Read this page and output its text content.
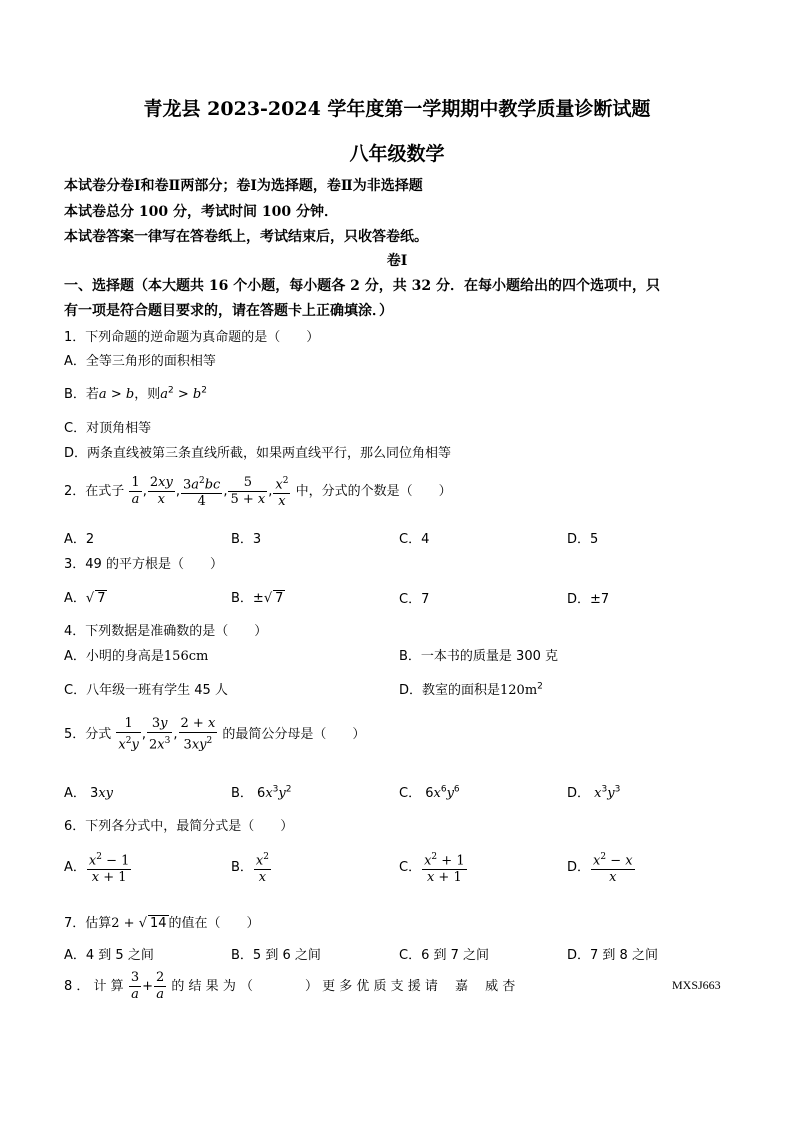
青龙县 2023-2024 学年度第一学期期中教学质量诊断试题
八年级数学
本试卷分卷Ⅰ和卷Ⅱ两部分；卷Ⅰ为选择题，卷Ⅱ为非选择题
本试卷总分 100 分，考试时间 100 分钟．
本试卷答案一律写在答卷纸上，考试结束后，只收答卷纸。
卷Ⅰ
一、选择题（本大题共 16 个小题，每小题各 2 分，共 32 分．在每小题给出的四个选项中，只
有一项是符合题目要求的，请在答题卡上正确填涂．）
1．下列命题的逆命题为真命题的是（　　）
A．全等三角形的面积相等
B．若a > b，则$a^2 > b^2$
C．对顶角相等
D．两条直线被第三条直线所截，如果两直线平行，那么同位角相等
2．在式子 $\frac{1}{a}$ , $\frac{2xy}{x}$ , $\frac{3a^2bc}{4}$ , $\frac{5}{5 + x}$ , $\frac{x^2}{x}$ 中，分式的个数是（　　）
A．2	B．3	C．4	D．5
3．49 的平方根是（　　）
A．√ 7	B．±√ 7	C．7	D．±7
4．下列数据是准确数的是（　　）
A．小明的身高是156cm	B．一本书的质量是 300 克
C．八年级一班有学生 45 人	D．教室的面积是$120m^2$
5．分式 $\frac{1}{x^2y}$ , $\frac{3y}{2x^3}$ , $\frac{2 + x}{3xy^2}$ 的最简公分母是（　　）
A． 3xy	B． $6x^3y^2$	C． $6x^6y^6$	D． $x^3y^3$
6．下列各分式中，最简分式是（　　）
A． $\frac{x^2 - 1}{x + 1}$	B． $\frac{x^2}{x}$	C． $\frac{x^2 + 1}{x + 1}$	D． $\frac{x^2 - x}{x}$
7．估算2 + √ 14 的值在（　　）
A．4 到 5 之间	B．5 到 6 之间	C．6 到 7 之间	D．7 到 8 之间
8 ． 计 算 $\frac{3}{a} + \frac{2}{a}$ 的 结 果 为 （　　　　） 更 多 优 质 支 援 请　 嘉　 威 杏	MXSJ663
